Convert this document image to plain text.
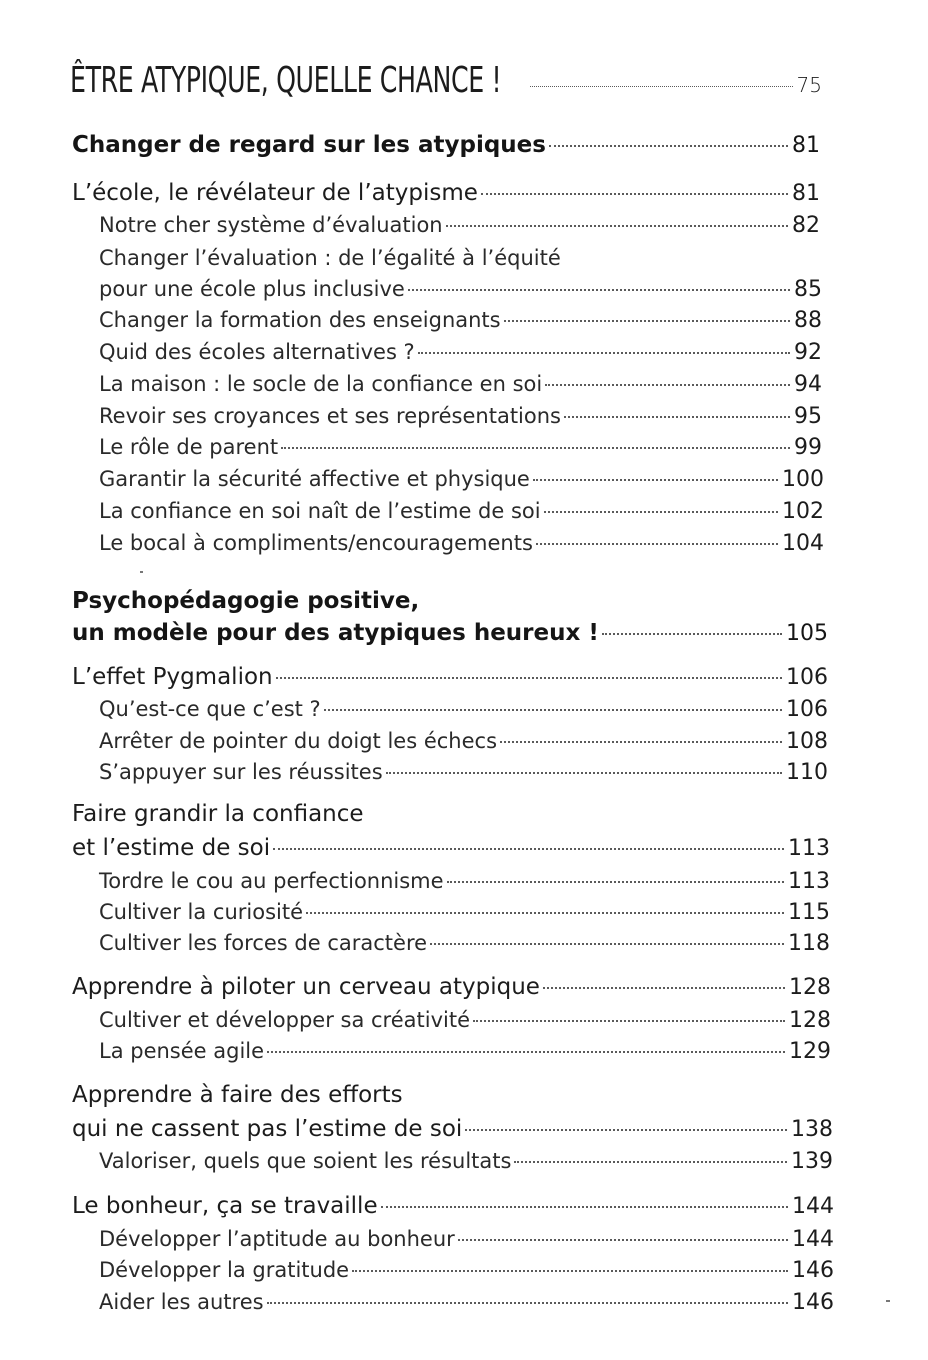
ÊTRE ATYPIQUE, QUELLE CHANCE !	75
Changer de regard sur les atypiques	81
L’école, le révélateur de l’atypisme	81
Notre cher système d’évaluation	82
Changer l’évaluation : de l’égalité à l’équité
pour une école plus inclusive	85
Changer la formation des enseignants	88
Quid des écoles alternatives ?	92
La maison : le socle de la confiance en soi	94
Revoir ses croyances et ses représentations	95
Le rôle de parent	99
Garantir la sécurité affective et physique	100
La confiance en soi naît de l’estime de soi	102
Le bocal à compliments/encouragements	104
Psychopédagogie positive,
un modèle pour des atypiques heureux !	105
L’effet Pygmalion	106
Qu’est-ce que c’est ?	106
Arrêter de pointer du doigt les échecs	108
S’appuyer sur les réussites	110
Faire grandir la confiance
et l’estime de soi	113
Tordre le cou au perfectionnisme	113
Cultiver la curiosité	115
Cultiver les forces de caractère	118
Apprendre à piloter un cerveau atypique	128
Cultiver et développer sa créativité	128
La pensée agile	129
Apprendre à faire des efforts
qui ne cassent pas l’estime de soi	138
Valoriser, quels que soient les résultats	139
Le bonheur, ça se travaille	144
Développer l’aptitude au bonheur	144
Développer la gratitude	146
Aider les autres	146
